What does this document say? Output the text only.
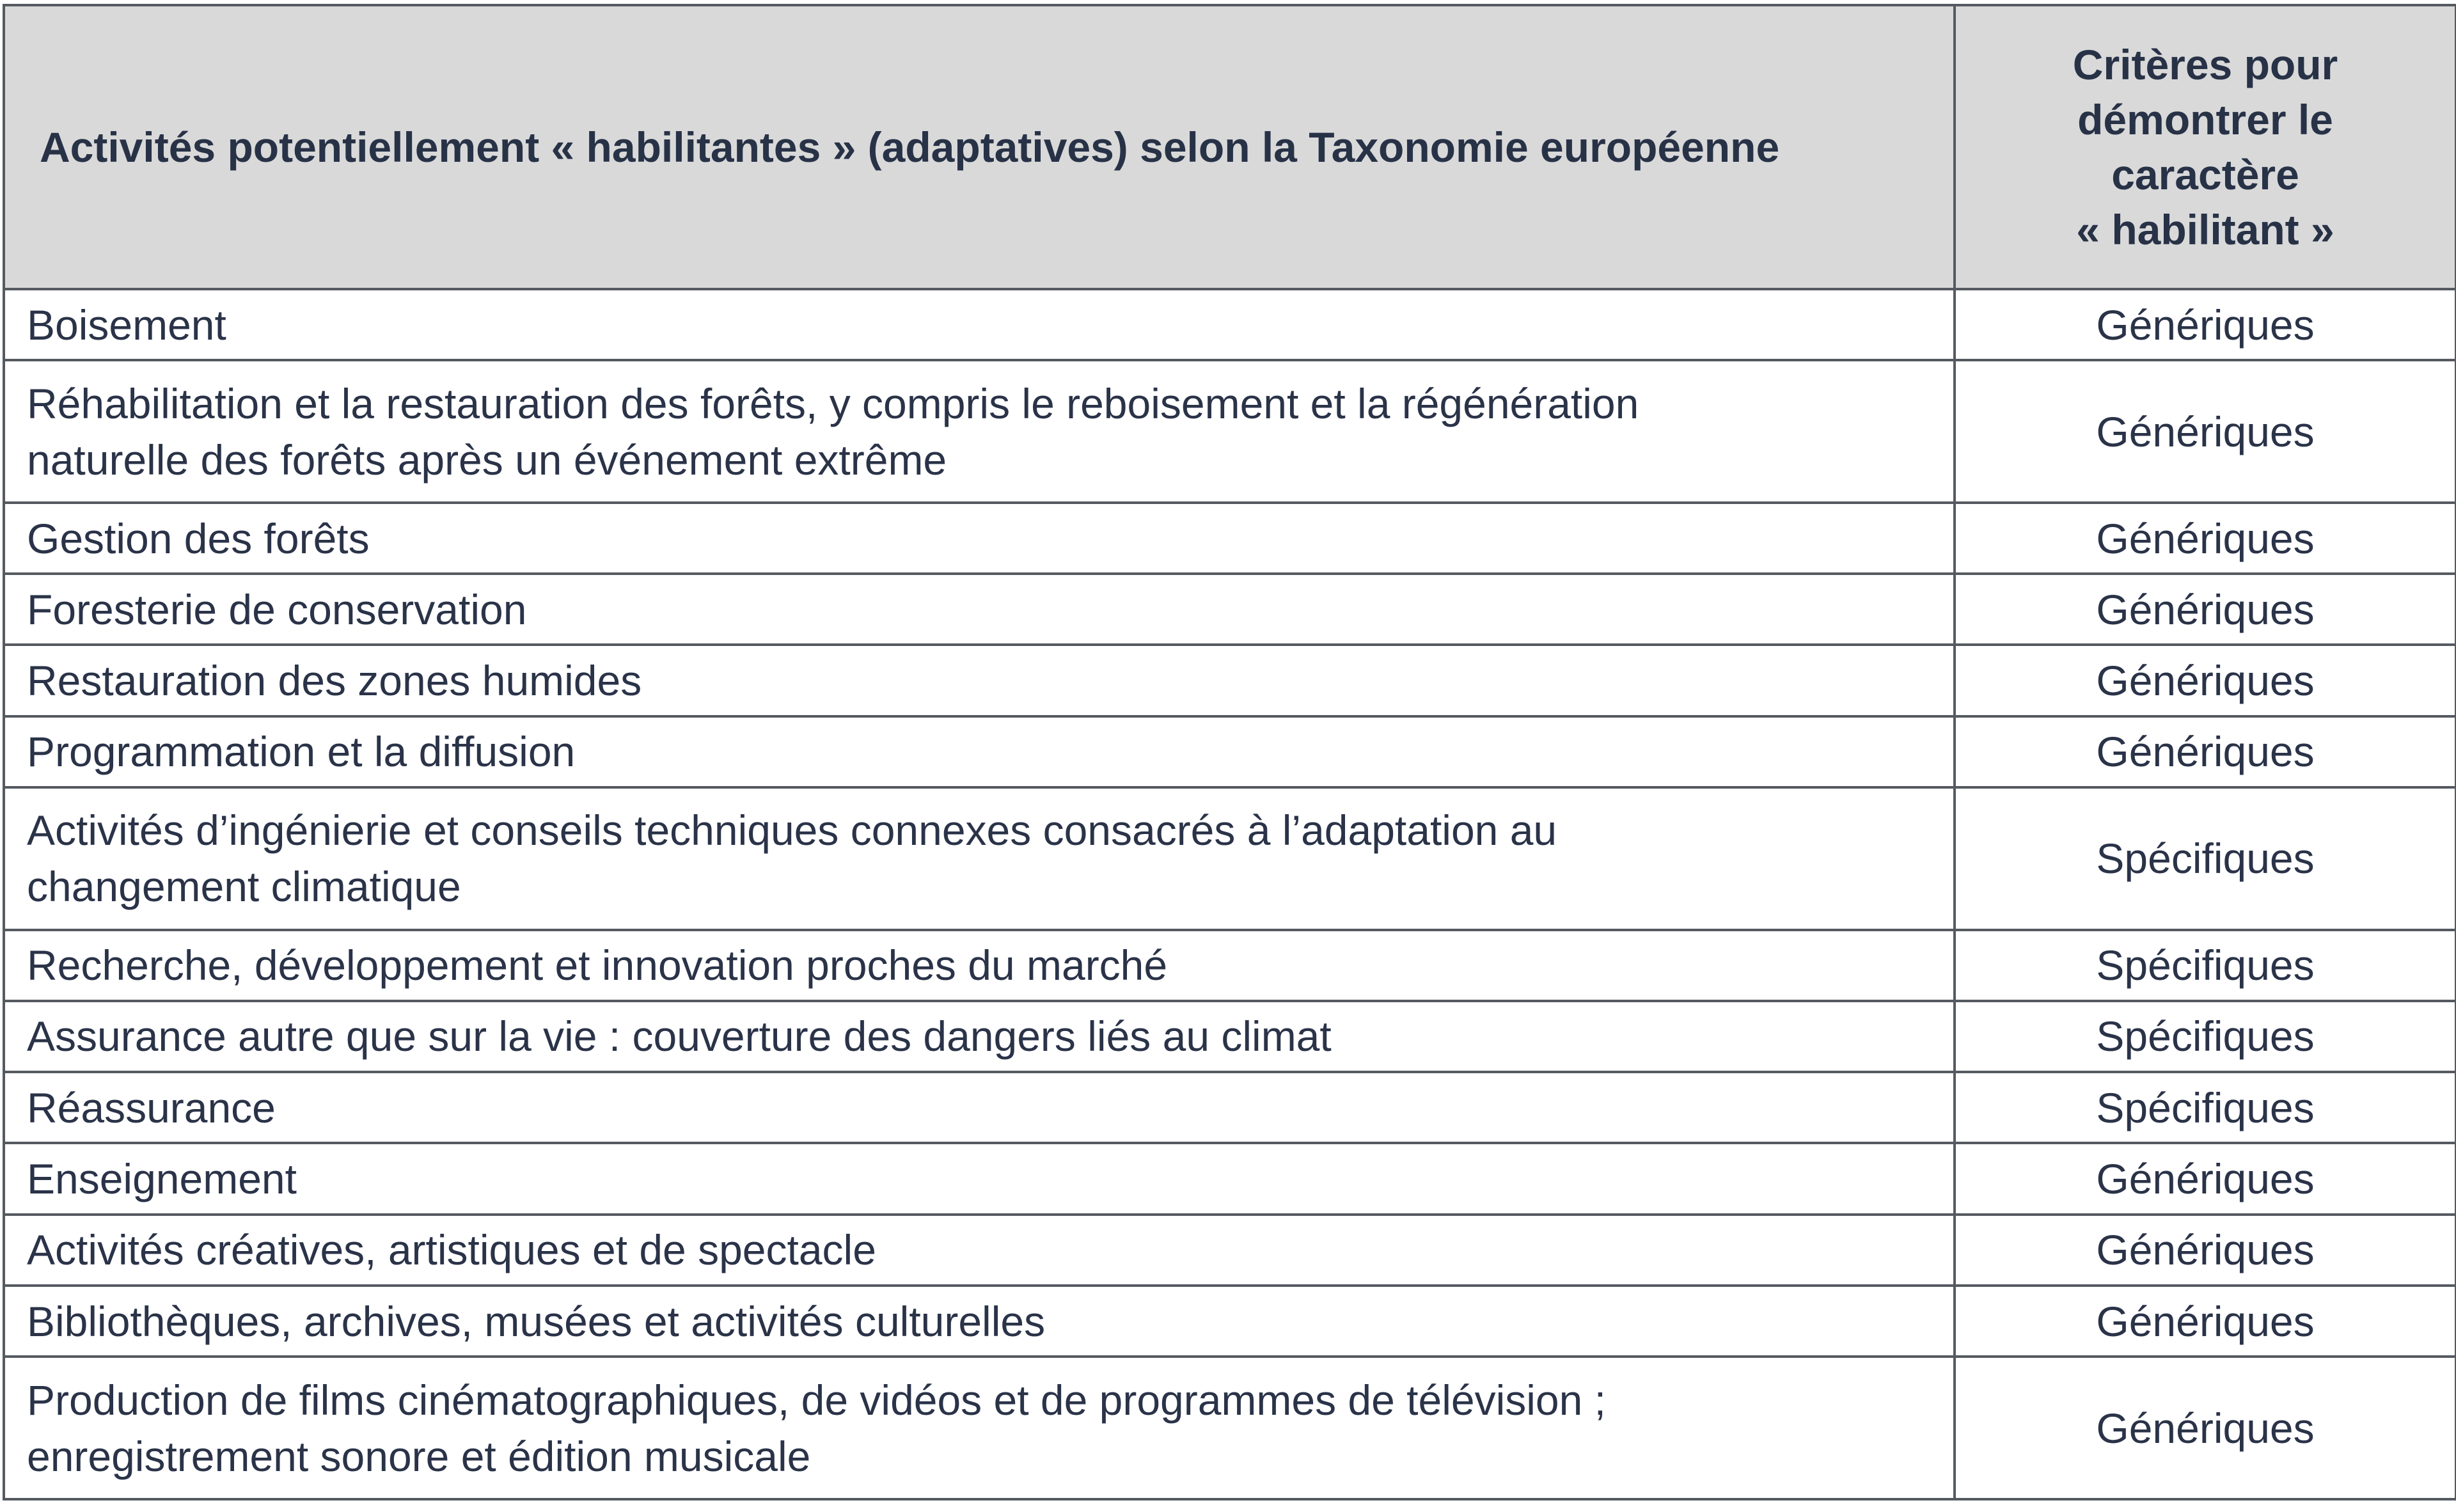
Activités potentiellement « habilitantes » (adaptatives) selon la Taxonomie européenne	Critères pour
démontrer le
caractère
« habilitant »
Boisement	Génériques
Réhabilitation et la restauration des forêts, y compris le reboisement et la régénération
naturelle des forêts après un événement extrême	Génériques
Gestion des forêts	Génériques
Foresterie de conservation	Génériques
Restauration des zones humides	Génériques
Programmation et la diffusion	Génériques
Activités d’ingénierie et conseils techniques connexes consacrés à l’adaptation au
changement climatique	Spécifiques
Recherche, développement et innovation proches du marché	Spécifiques
Assurance autre que sur la vie : couverture des dangers liés au climat	Spécifiques
Réassurance	Spécifiques
Enseignement	Génériques
Activités créatives, artistiques et de spectacle	Génériques
Bibliothèques, archives, musées et activités culturelles	Génériques
Production de films cinématographiques, de vidéos et de programmes de télévision ;
enregistrement sonore et édition musicale	Génériques
